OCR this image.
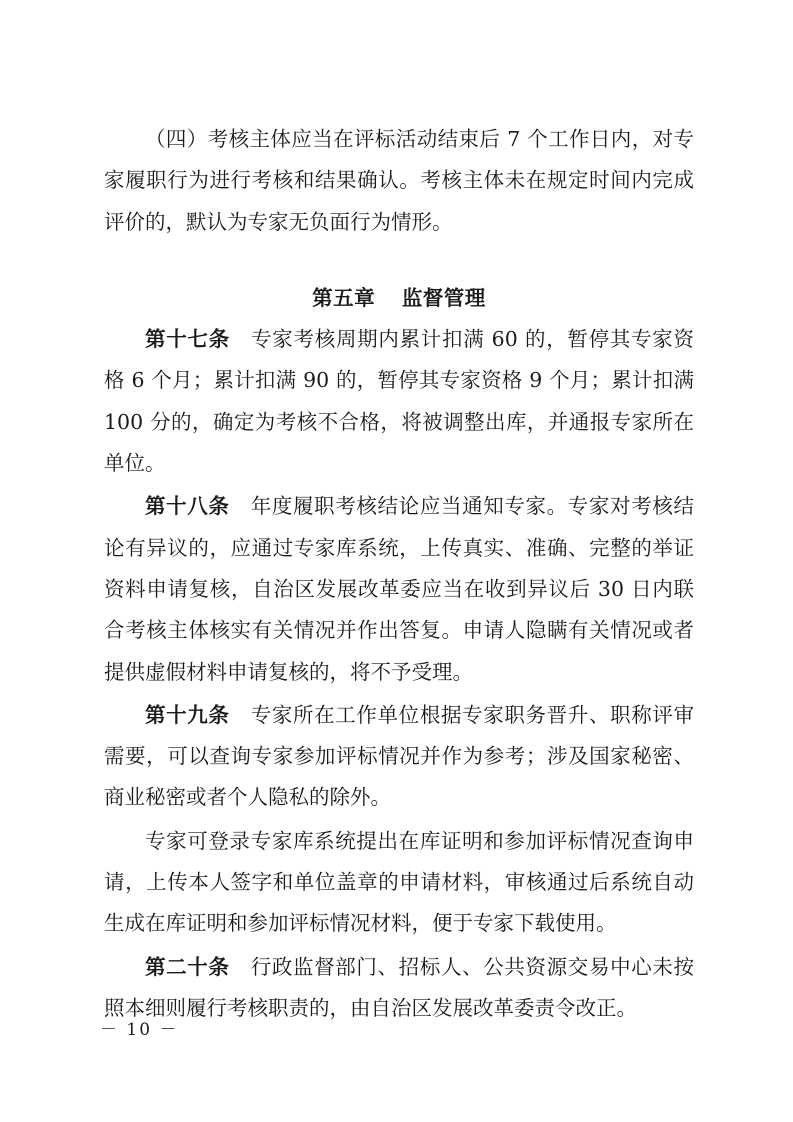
（四）考核主体应当在评标活动结束后 7 个工作日内，对专家履职行为进行考核和结果确认。考核主体未在规定时间内完成评价的，默认为专家无负面行为情形。

第五章 监督管理

第十七条 专家考核周期内累计扣满 60 的，暂停其专家资格 6 个月；累计扣满 90 的，暂停其专家资格 9 个月；累计扣满 100 分的，确定为考核不合格，将被调整出库，并通报专家所在单位。

第十八条 年度履职考核结论应当通知专家。专家对考核结论有异议的，应通过专家库系统，上传真实、准确、完整的举证资料申请复核，自治区发展改革委应当在收到异议后 30 日内联合考核主体核实有关情况并作出答复。申请人隐瞒有关情况或者提供虚假材料申请复核的，将不予受理。

第十九条 专家所在工作单位根据专家职务晋升、职称评审需要，可以查询专家参加评标情况并作为参考；涉及国家秘密、商业秘密或者个人隐私的除外。

专家可登录专家库系统提出在库证明和参加评标情况查询申请，上传本人签字和单位盖章的申请材料，审核通过后系统自动生成在库证明和参加评标情况材料，便于专家下载使用。

第二十条 行政监督部门、招标人、公共资源交易中心未按照本细则履行考核职责的，由自治区发展改革委责令改正。

－ 10 －
